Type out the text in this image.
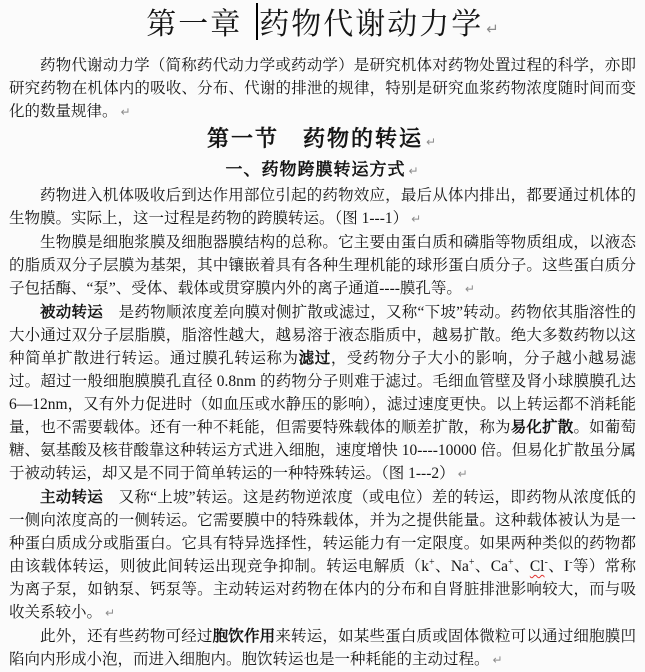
第一章 药物代谢动力学 ↵

药物代谢动力学（简称药代动力学或药动学）是研究机体对药物处置过程的科学，亦即研究药物在机体内的吸收、分布、代谢的排泄的规律，特别是研究血浆药物浓度随时间而变化的数量规律。 ↵

第一节　药物的转运 ↵

一、药物跨膜转运方式 ↵

药物进入机体吸收后到达作用部位引起的药物效应，最后从体内排出，都要通过机体的生物膜。实际上，这一过程是药物的跨膜转运。（图 1---1） ↵

生物膜是细胞浆膜及细胞器膜结构的总称。它主要由蛋白质和磷脂等物质组成，以液态的脂质双分子层膜为基架，其中镶嵌着具有各种生理机能的球形蛋白质分子。这些蛋白质分子包括酶、“泵”、受体、载体或贯穿膜内外的离子通道----膜孔等。 ↵

被动转运　是药物顺浓度差向膜对侧扩散或滤过，又称“下坡”转动。药物依其脂溶性的大小通过双分子层脂膜，脂溶性越大，越易溶于液态脂质中，越易扩散。绝大多数药物以这种简单扩散进行转运。通过膜孔转运称为滤过，受药物分子大小的影响，分子越小越易滤过。超过一般细胞膜膜孔直径 0.8nm 的药物分子则难于滤过。毛细血管壁及肾小球膜膜孔达 6—12nm，又有外力促进时（如血压或水静压的影响），滤过速度更快。以上转运都不消耗能量，也不需要载体。还有一种不耗能，但需要特殊载体的顺差扩散，称为易化扩散。如葡萄糖、氨基酸及核苷酸靠这种转运方式进入细胞，速度增快 10----10000 倍。但易化扩散虽分属于被动转运，却又是不同于简单转运的一种特殊转运。（图 1---2） ↵

主动转运　又称“上坡”转运。这是药物逆浓度（或电位）差的转运，即药物从浓度低的一侧向浓度高的一侧转运。它需要膜中的特殊载体，并为之提供能量。这种载体被认为是一种蛋白质成分或脂蛋白。它具有特异选择性，转运能力有一定限度。如果两种类似的药物都由该载体转运，则彼此间转运出现竞争抑制。转运电解质（k+、Na+、Ca+、Cl-、I-等）常称为离子泵，如钠泵、钙泵等。主动转运对药物在体内的分布和自肾脏排泄影响较大，而与吸收关系较小。 ↵

此外，还有些药物可经过胞饮作用来转运，如某些蛋白质或固体微粒可以通过细胞膜凹陷向内形成小泡，而进入细胞内。胞饮转运也是一种耗能的主动过程。 ↵
